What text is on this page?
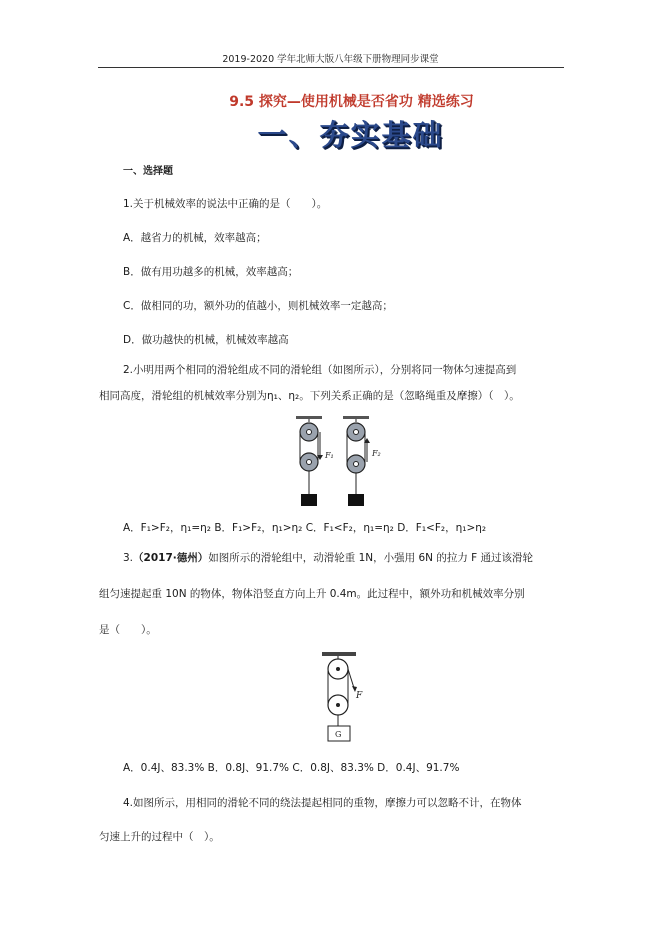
2019-2020 学年北师大版八年级下册物理同步课堂
9.5 探究—使用机械是否省功 精选练习
一、夯实基础
一、选择题
1.关于机械效率的说法中正确的是（　　）。
A．越省力的机械，效率越高；
B．做有用功越多的机械，效率越高；
C．做相同的功，额外功的值越小，则机械效率一定越高；
D．做功越快的机械，机械效率越高
2.小明用两个相同的滑轮组成不同的滑轮组（如图所示），分别将同一物体匀速提高到
相同高度，滑轮组的机械效率分别为η₁、η₂。下列关系正确的是（忽略绳重及摩擦）（　）。
F₁	F₂
A．F₁>F₂，η₁=η₂ B．F₁>F₂，η₁>η₂ C．F₁<F₂，η₁=η₂ D．F₁<F₂，η₁>η₂
3.（2017·德州）如图所示的滑轮组中，动滑轮重 1N，小强用 6N 的拉力 F 通过该滑轮
组匀速提起重 10N 的物体，物体沿竖直方向上升 0.4m。此过程中，额外功和机械效率分别
是（　　）。
F
G
A．0.4J、83.3% B．0.8J、91.7% C．0.8J、83.3% D．0.4J、91.7%
4.如图所示，用相同的滑轮不同的绕法提起相同的重物，摩擦力可以忽略不计，在物体
匀速上升的过程中（　）。
